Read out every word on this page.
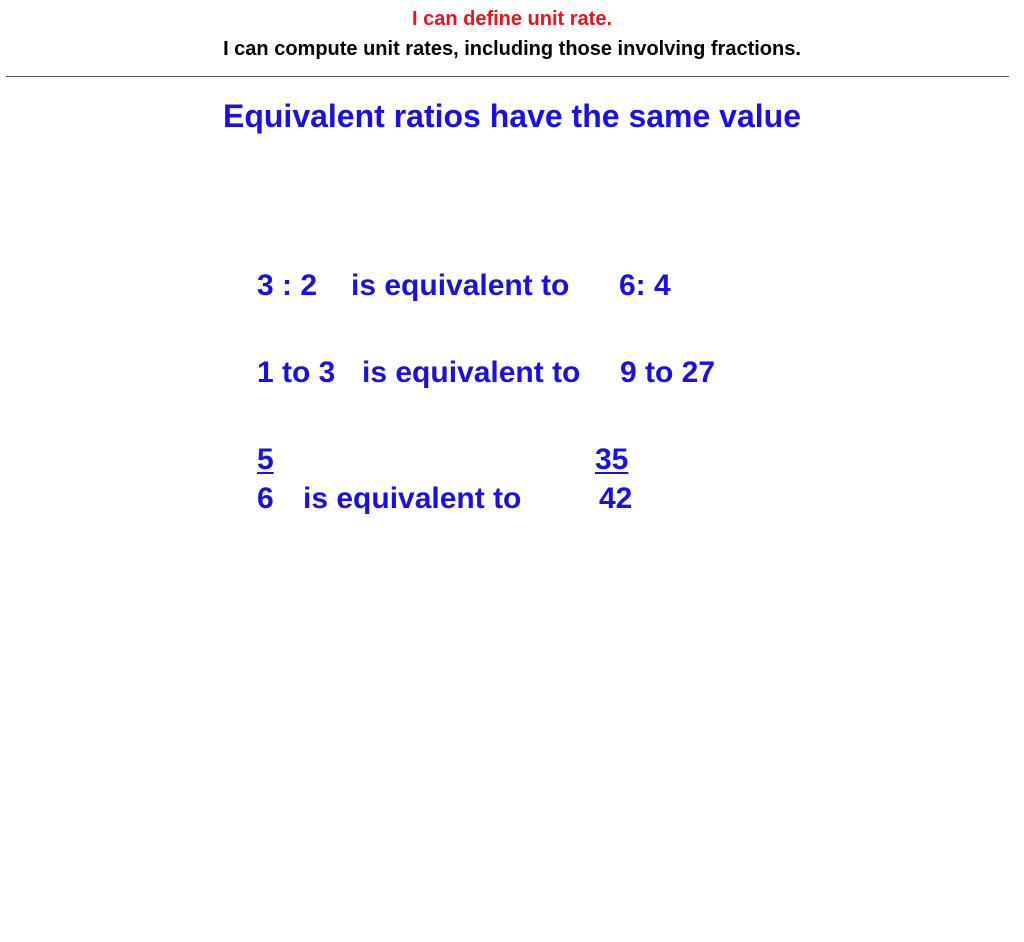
I can define unit rate.
I can compute unit rates, including those involving fractions.
Equivalent ratios have the same value
3 : 2 is equivalent to 6: 4
1 to 3 is equivalent to 9 to 27
5
6 is equivalent to
35
42
